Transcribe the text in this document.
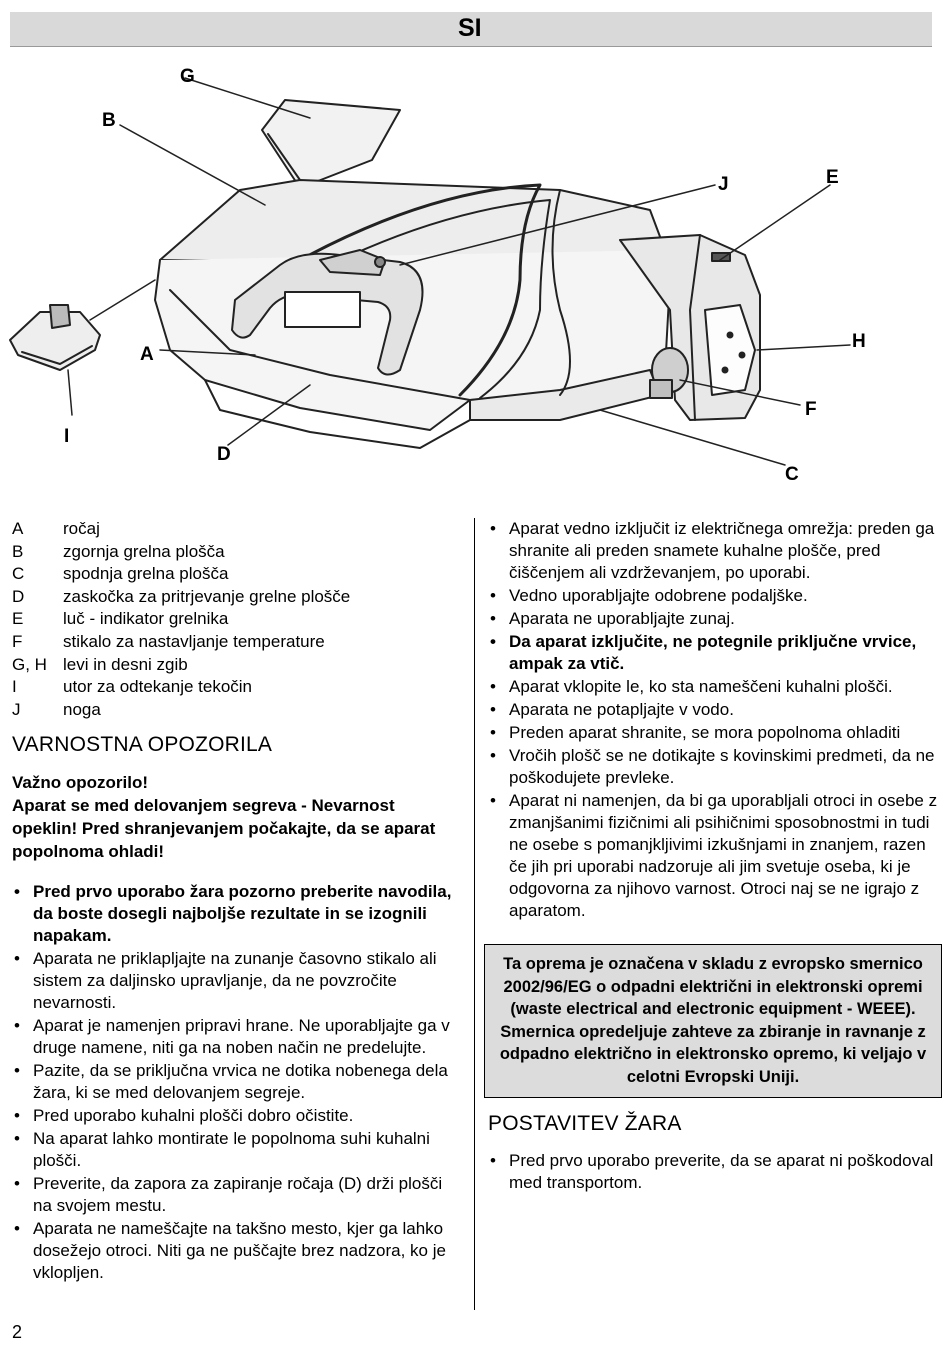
SI
G
B
J	E
H
F
A
I
D
C
A	ročaj
B	zgornja grelna plošča
C	spodnja grelna plošča
D	zaskočka za pritrjevanje grelne plošče
E	luč - indikator grelnika
F	stikalo za nastavljanje temperature
G, H levi in desni zgib
I	utor za odtekanje tekočin
J	noga
VARNOSTNA OPOZORILA

Važno opozorilo!

Aparat se med delovanjem segreva - Nevarnost opeklin! Pred shranjevanjem počakajte, da se aparat popolnoma ohladi!

• Pred prvo uporabo žara pozorno preberite navodila, da boste dosegli najboljše rezultate in se izognili napakam.
• Aparata ne priklapljajte na zunanje časovno stikalo ali sistem za daljinsko upravljanje, da ne povzročite nevarnosti.
• Aparat je namenjen pripravi hrane. Ne uporabljajte ga v druge namene, niti ga na noben način ne predelujte.
• Pazite, da se priključna vrvica ne dotika nobenega dela žara, ki se med delovanjem segreje.
• Pred uporabo kuhalni plošči dobro očistite.
• Na aparat lahko montirate le popolnoma suhi kuhalni plošči.
• Preverite, da zapora za zapiranje ročaja (D) drži plošči na svojem mestu.
• Aparata ne nameščajte na takšno mesto, kjer ga lahko dosežejo otroci. Niti ga ne puščajte brez nadzora, ko je vklopljen.
• Aparat vedno izključit iz električnega omrežja: preden ga shranite ali preden snamete kuhalne plošče, pred čiščenjem ali vzdrževanjem, po uporabi.
• Vedno uporabljajte odobrene podaljške.
• Aparata ne uporabljajte zunaj.
• Da aparat izključite, ne potegnile priključne vrvice, ampak za vtič.
• Aparat vklopite le, ko sta nameščeni kuhalni plošči.
• Aparata ne potapljajte v vodo.
• Preden aparat shranite, se mora popolnoma ohladiti
• Vročih plošč se ne dotikajte s kovinskimi predmeti, da ne poškodujete prevleke.
• Aparat ni namenjen, da bi ga uporabljali otroci in osebe z zmanjšanimi fizičnimi ali psihičnimi sposobnostmi in tudi ne osebe s pomanjkljivimi izkušnjami in znanjem, razen če jih pri uporabi nadzoruje ali jim svetuje oseba, ki je odgovorna za njihovo varnost. Otroci naj se ne igrajo z aparatom.
Ta oprema je označena v skladu z evropsko smernico 2002/96/EG o odpadni električni in elektronski opremi (waste electrical and electronic equipment - WEEE). Smernica opredeljuje zahteve za zbiranje in ravnanje z odpadno električno in elektronsko opremo, ki veljajo v celotni Evropski Uniji.
POSTAVITEV ŽARA
• Pred prvo uporabo preverite, da se aparat ni poškodoval med transportom.
2
